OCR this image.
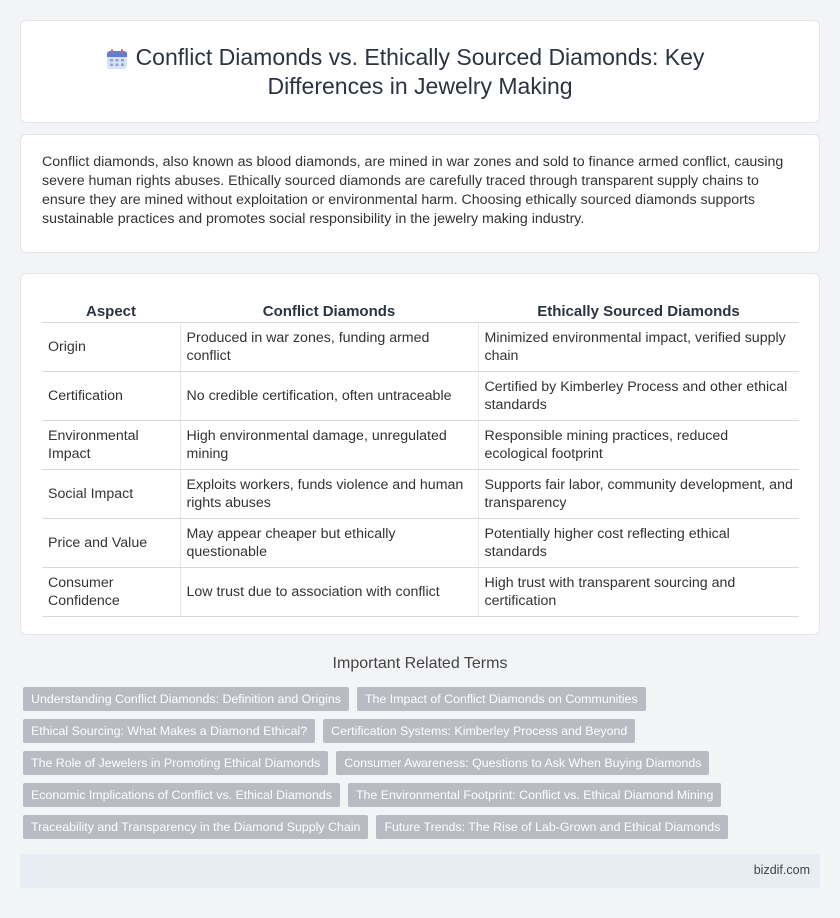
Conflict Diamonds vs. Ethically Sourced Diamonds: Key Differences in Jewelry Making

Conflict diamonds, also known as blood diamonds, are mined in war zones and sold to finance armed conflict, causing severe human rights abuses. Ethically sourced diamonds are carefully traced through transparent supply chains to ensure they are mined without exploitation or environmental harm. Choosing ethically sourced diamonds supports sustainable practices and promotes social responsibility in the jewelry making industry.

Aspect	Conflict Diamonds	Ethically Sourced Diamonds
Origin	Produced in war zones, funding armed conflict	Minimized environmental impact, verified supply chain
Certification	No credible certification, often untraceable	Certified by Kimberley Process and other ethical standards
Environmental Impact	High environmental damage, unregulated mining	Responsible mining practices, reduced ecological footprint
Social Impact	Exploits workers, funds violence and human rights abuses	Supports fair labor, community development, and transparency
Price and Value	May appear cheaper but ethically questionable	Potentially higher cost reflecting ethical standards
Consumer Confidence	Low trust due to association with conflict	High trust with transparent sourcing and certification
Important Related Terms
Understanding Conflict Diamonds: Definition and Origins	The Impact of Conflict Diamonds on Communities
Ethical Sourcing: What Makes a Diamond Ethical?	Certification Systems: Kimberley Process and Beyond
The Role of Jewelers in Promoting Ethical Diamonds	Consumer Awareness: Questions to Ask When Buying Diamonds
Economic Implications of Conflict vs. Ethical Diamonds	The Environmental Footprint: Conflict vs. Ethical Diamond Mining
Traceability and Transparency in the Diamond Supply Chain	Future Trends: The Rise of Lab-Grown and Ethical Diamonds
bizdif.com
